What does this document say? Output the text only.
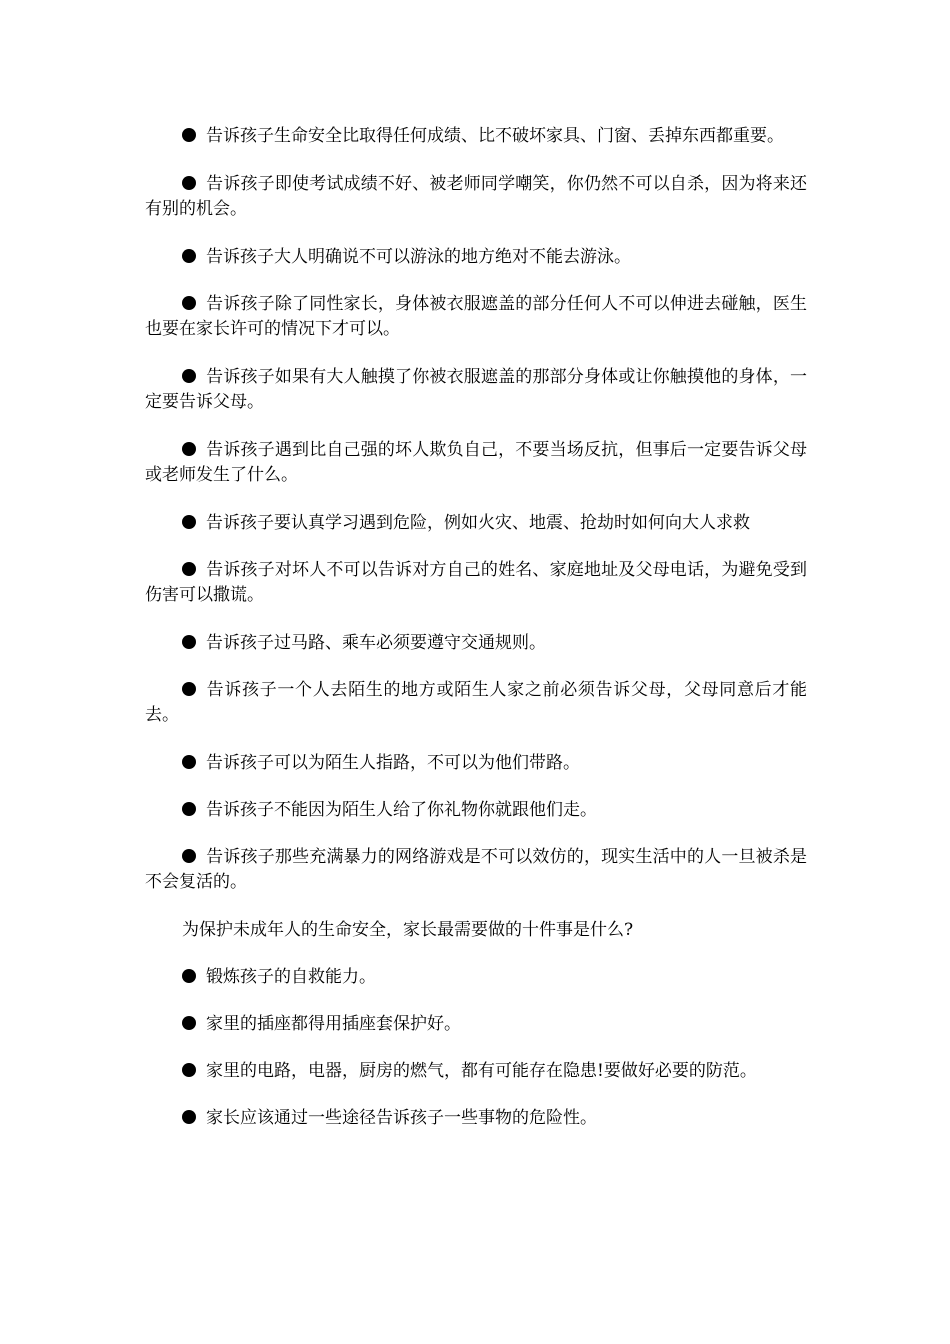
告诉孩子生命安全比取得任何成绩、比不破坏家具、门窗、丢掉东西都重要。

告诉孩子即使考试成绩不好、被老师同学嘲笑，你仍然不可以自杀，因为将来还有别的机会。

告诉孩子大人明确说不可以游泳的地方绝对不能去游泳。

告诉孩子除了同性家长，身体被衣服遮盖的部分任何人不可以伸进去碰触，医生也要在家长许可的情况下才可以。

告诉孩子如果有大人触摸了你被衣服遮盖的那部分身体或让你触摸他的身体，一定要告诉父母。

告诉孩子遇到比自己强的坏人欺负自己，不要当场反抗，但事后一定要告诉父母或老师发生了什么。

告诉孩子要认真学习遇到危险，例如火灾、地震、抢劫时如何向大人求救

告诉孩子对坏人不可以告诉对方自己的姓名、家庭地址及父母电话，为避免受到伤害可以撒谎。

告诉孩子过马路、乘车必须要遵守交通规则。

告诉孩子一个人去陌生的地方或陌生人家之前必须告诉父母，父母同意后才能去。

告诉孩子可以为陌生人指路，不可以为他们带路。

告诉孩子不能因为陌生人给了你礼物你就跟他们走。

告诉孩子那些充满暴力的网络游戏是不可以效仿的，现实生活中的人一旦被杀是不会复活的。

为保护未成年人的生命安全，家长最需要做的十件事是什么?

锻炼孩子的自救能力。

家里的插座都得用插座套保护好。

家里的电路，电器，厨房的燃气，都有可能存在隐患!要做好必要的防范。

家长应该通过一些途径告诉孩子一些事物的危险性。
